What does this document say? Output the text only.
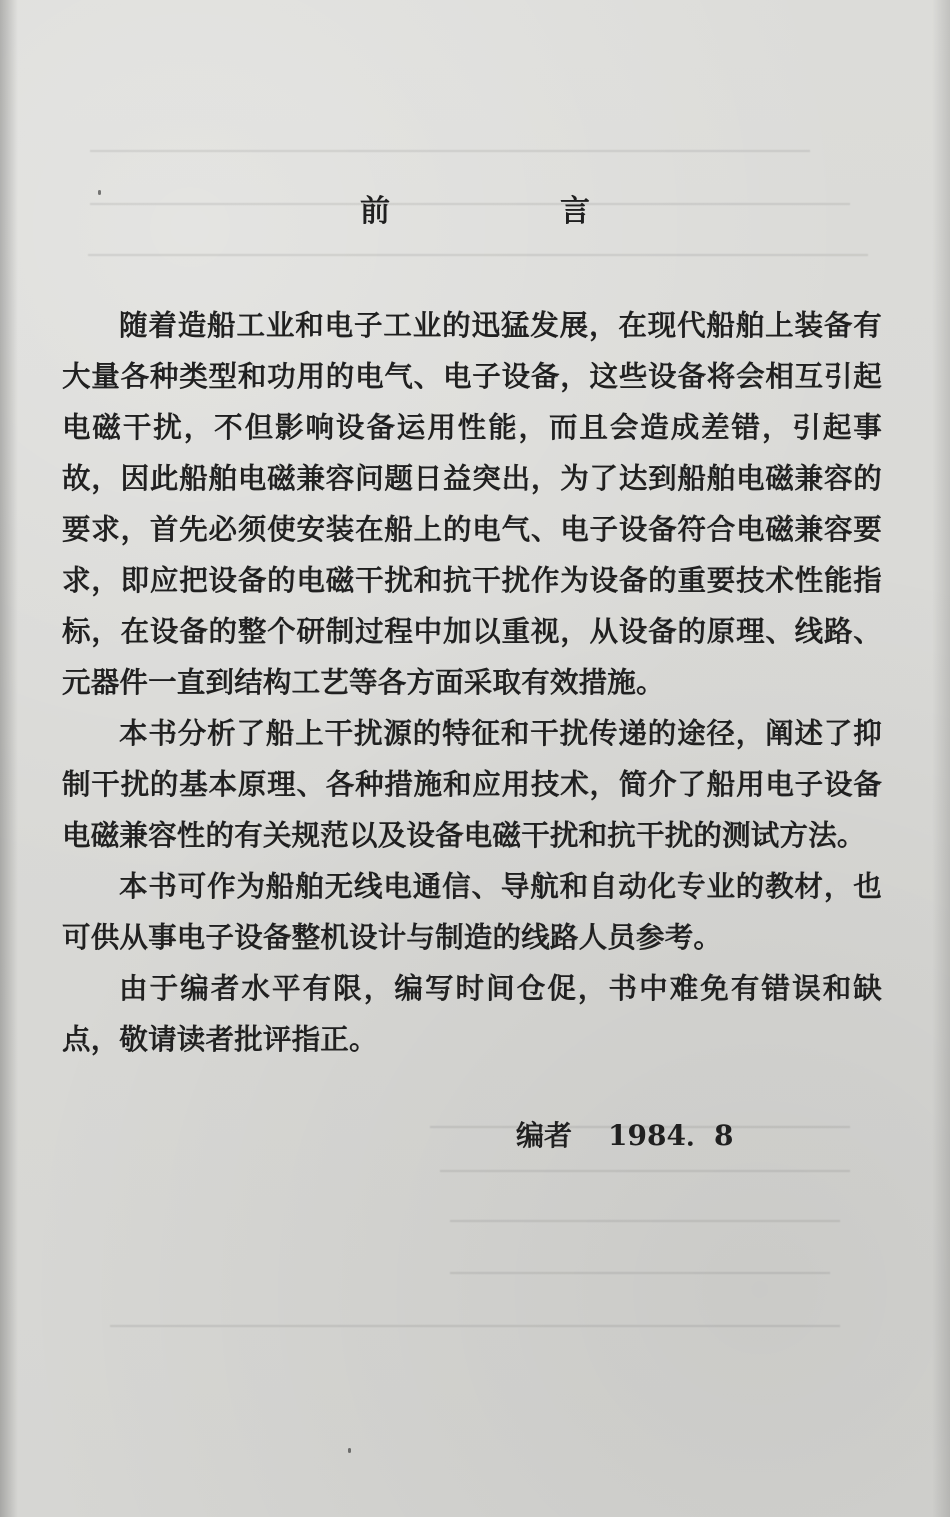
前	言

随着造船工业和电子工业的迅猛发展，在现代船舶上装备有大量各种类型和功用的电气、电子设备，这些设备将会相互引起电磁干扰，不但影响设备运用性能，而且会造成差错，引起事故，因此船舶电磁兼容问题日益突出，为了达到船舶电磁兼容的要求，首先必须使安装在船上的电气、电子设备符合电磁兼容要求，即应把设备的电磁干扰和抗干扰作为设备的重要技术性能指标，在设备的整个研制过程中加以重视，从设备的原理、线路、元器件一直到结构工艺等各方面采取有效措施。

本书分析了船上干扰源的特征和干扰传递的途径，阐述了抑制干扰的基本原理、各种措施和应用技术，简介了船用电子设备电磁兼容性的有关规范以及设备电磁干扰和抗干扰的测试方法。

本书可作为船舶无线电通信、导航和自动化专业的教材，也可供从事电子设备整机设计与制造的线路人员参考。

由于编者水平有限，编写时间仓促，书中难免有错误和缺点，敬请读者批评指正。

编者 1984．8
